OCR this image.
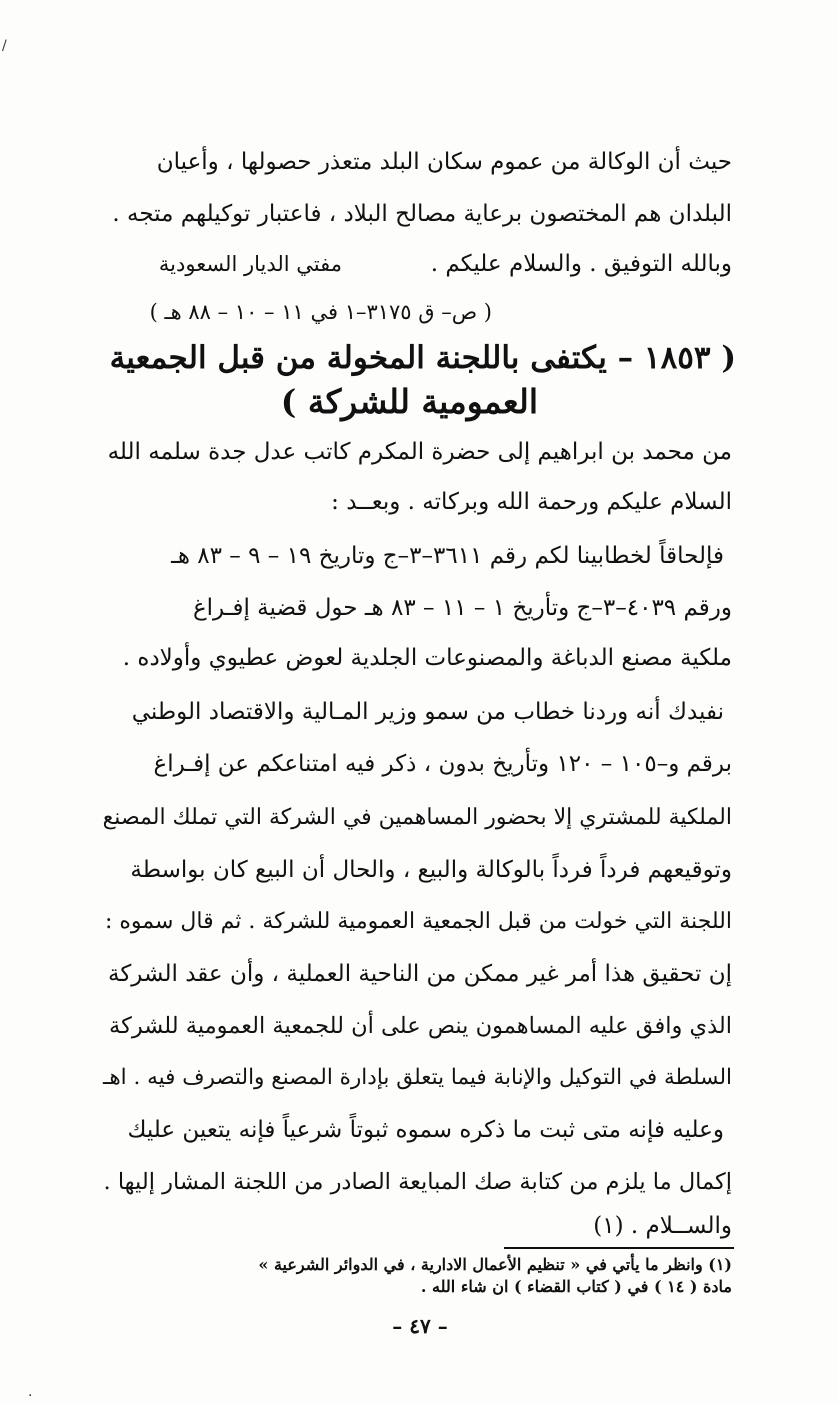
حيث أن الوكالة من عموم سكان البلد متعذر حصولها ، وأعيان
البلدان هم المختصون برعاية مصالح البلاد ، فاعتبار توكيلهم متجه .
وبالله التوفيق . والسلام عليكم .
مفتي الديار السعودية
( ص– ق ٣١٧٥–١ في ١١ – ١٠ – ٨٨ هـ )
( ١٨٥٣ – يكتفى باللجنة المخولة من قبل الجمعية
العمومية للشركة )
من محمد بن ابراهيم إلى حضرة المكرم كاتب عدل جدة سلمه الله
السلام عليكم ورحمة الله وبركاته . وبعــد :
فإلحاقاً لخطابينا لكم رقم ٣٦١١–٣–ج وتاريخ ١٩ – ٩ – ٨٣ هـ
ورقم ٤٠٣٩–٣–ج وتأريخ ١ – ١١ – ٨٣ هـ حول قضية إفـراغ
ملكية مصنع الدباغة والمصنوعات الجلدية لعوض عطيوي وأولاده .
نفيدك أنه وردنا خطاب من سمو وزير المـالية والاقتصاد الوطني
برقم و–١٠٥ – ١٢٠ وتأريخ بدون ، ذكر فيه امتناعكم عن إفـراغ
الملكية للمشتري إلا بحضور المساهمين في الشركة التي تملك المصنع
وتوقيعهم فرداً فرداً بالوكالة والبيع ، والحال أن البيع كان بواسطة
اللجنة التي خولت من قبل الجمعية العمومية للشركة . ثم قال سموه :
إن تحقيق هذا أمر غير ممكن من الناحية العملية ، وأن عقد الشركة
الذي وافق عليه المساهمون ينص على أن للجمعية العمومية للشركة
السلطة في التوكيل والإنابة فيما يتعلق بإدارة المصنع والتصرف فيه . اهـ
وعليه فإنه متى ثبت ما ذكره سموه ثبوتاً شرعياً فإنه يتعين عليك
إكمال ما يلزم من كتابة صك المبايعة الصادر من اللجنة المشار إليها .
والســلام . (١)
(١) وانظر ما يأتي في « تنظيم الأعمال الادارية ، في الدوائر الشرعية »
مادة ( ١٤ ) في ( كتاب القضاء ) ان شاء الله .
– ٤٧ –
/
·
